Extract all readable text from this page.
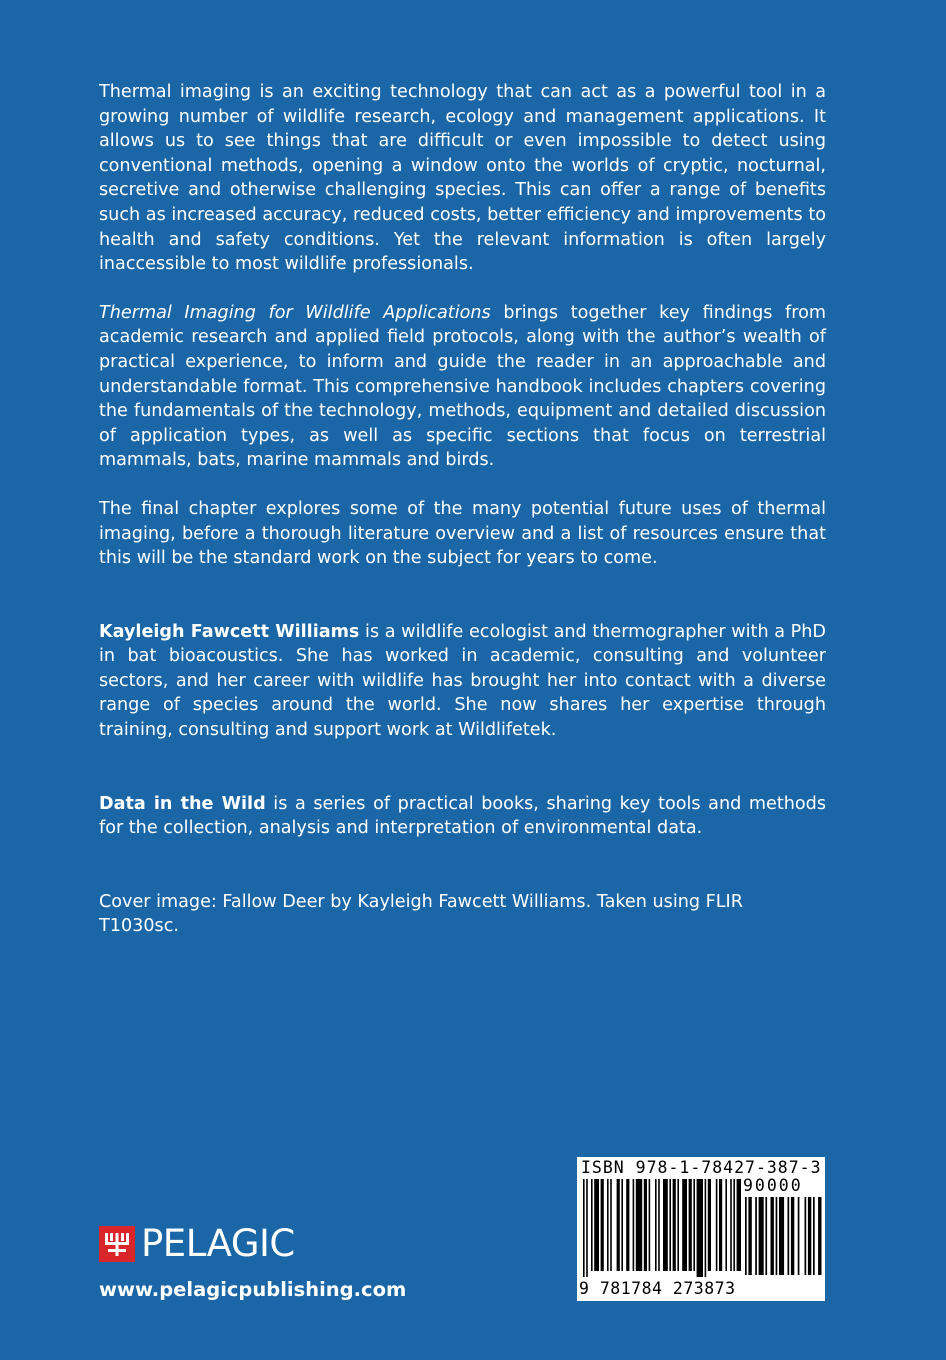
Thermal imaging is an exciting technology that can act as a powerful tool in a growing number of wildlife research, ecology and management applications. It allows us to see things that are difficult or even impossible to detect using conventional methods, opening a window onto the worlds of cryptic, nocturnal, secretive and otherwise challenging species. This can offer a range of benefits such as increased accuracy, reduced costs, better efficiency and improvements to health and safety conditions. Yet the relevant information is often largely inaccessible to most wildlife professionals.

Thermal Imaging for Wildlife Applications brings together key findings from academic research and applied field protocols, along with the author’s wealth of practical experience, to inform and guide the reader in an approachable and understandable format. This comprehensive handbook includes chapters covering the fundamentals of the technology, methods, equipment and detailed discussion of application types, as well as specific sections that focus on terrestrial mammals, bats, marine mammals and birds.

The final chapter explores some of the many potential future uses of thermal imaging, before a thorough literature overview and a list of resources ensure that this will be the standard work on the subject for years to come.

Kayleigh Fawcett Williams is a wildlife ecologist and thermographer with a PhD in bat bioacoustics. She has worked in academic, consulting and volunteer sectors, and her career with wildlife has brought her into contact with a diverse range of species around the world. She now shares her expertise through training, consulting and support work at Wildlifetek.

Data in the Wild is a series of practical books, sharing key tools and methods for the collection, analysis and interpretation of environmental data.

Cover image: Fallow Deer by Kayleigh Fawcett Williams. Taken using FLIR T1030sc.

PELAGIC
www.pelagicpublishing.com
ISBN 978-1-78427-387-3
90000
9 781784 273873
